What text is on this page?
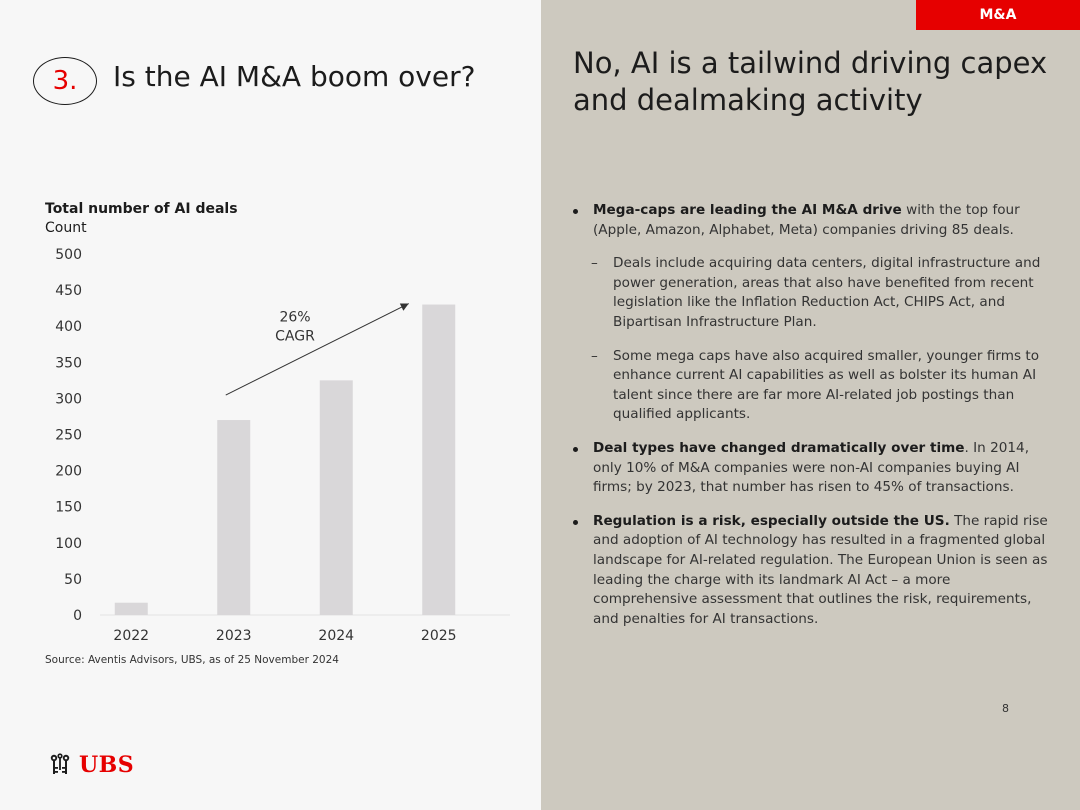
M&A
3.	Is the AI M&A boom over?	No, AI is a tailwind driving capex and dealmaking activity
Total number of AI deals
Count
0
50
100
150
200
250
300
350
400
450
500
2022	2023	2024	2025
26%
CAGR
Source: Aventis Advisors, UBS, as of 25 November 2024
Mega-caps are leading the AI M&A drive with the top four (Apple, Amazon, Alphabet, Meta) companies driving 85 deals.
– Deals include acquiring data centers, digital infrastructure and power generation, areas that also have benefited from recent legislation like the Inflation Reduction Act, CHIPS Act, and Bipartisan Infrastructure Plan.
– Some mega caps have also acquired smaller, younger firms to enhance current AI capabilities as well as bolster its human AI talent since there are far more AI-related job postings than qualified applicants.
Deal types have changed dramatically over time. In 2014, only 10% of M&A companies were non-AI companies buying AI firms; by 2023, that number has risen to 45% of transactions.
Regulation is a risk, especially outside the US. The rapid rise and adoption of AI technology has resulted in a fragmented global landscape for AI-related regulation. The European Union is seen as leading the charge with its landmark AI Act – a more comprehensive assessment that outlines the risk, requirements, and penalties for AI transactions.
8
UBS
